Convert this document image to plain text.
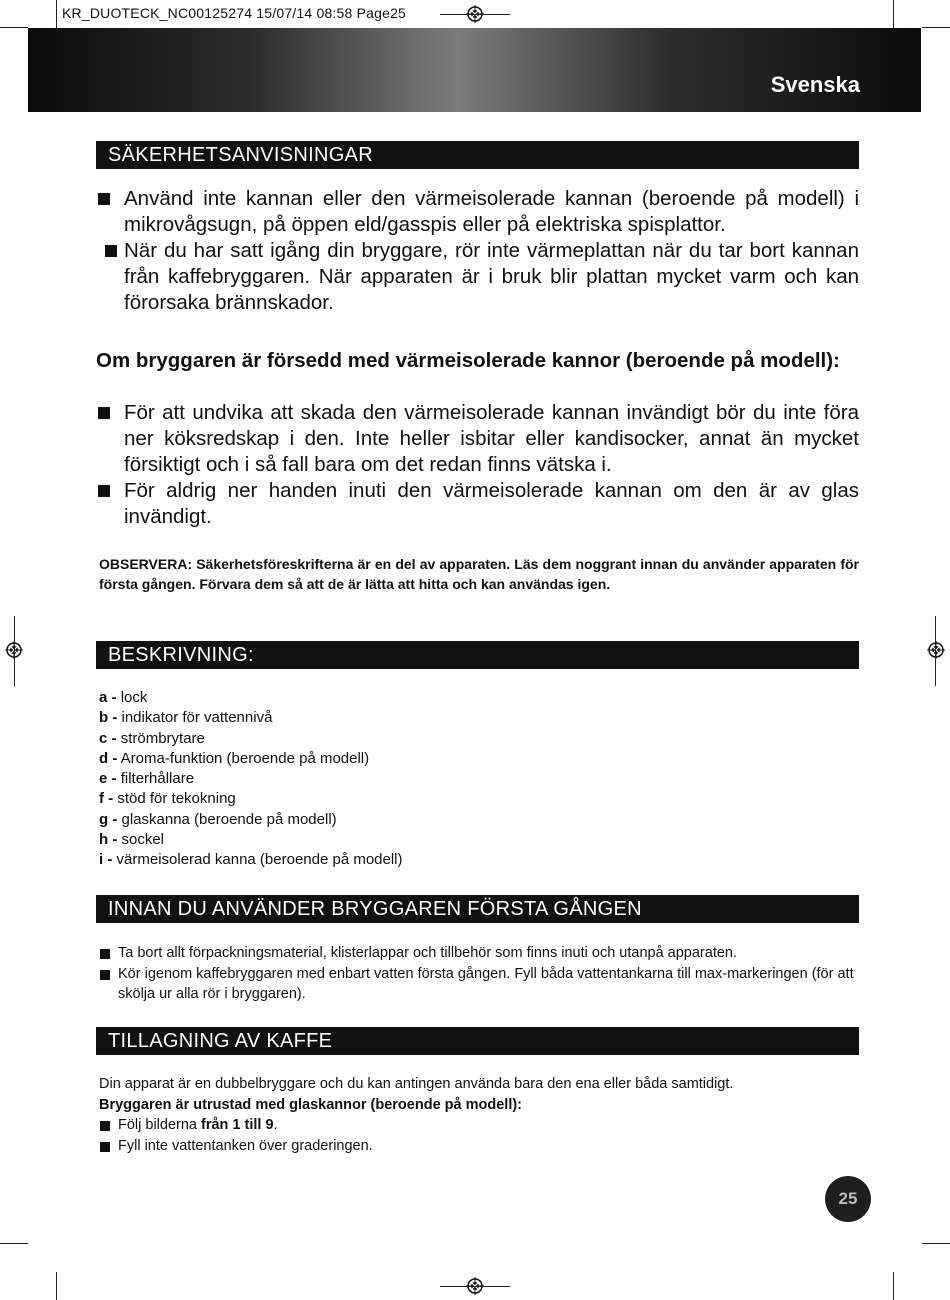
KR_DUOTECK_NC00125274 15/07/14 08:58 Page25
Svenska
SÄKERHETSANVISNINGAR

Använd inte kannan eller den värmeisolerade kannan (beroende på modell) i mikrovågsugn, på öppen eld/gasspis eller på elektriska spisplattor.

När du har satt igång din bryggare, rör inte värmeplattan när du tar bort kannan från kaffebryggaren. När apparaten är i bruk blir plattan mycket varm och kan förorsaka brännskador.

Om bryggaren är försedd med värmeisolerade kannor (beroende på modell):

För att undvika att skada den värmeisolerade kannan invändigt bör du inte föra ner köksredskap i den. Inte heller isbitar eller kandisocker, annat än mycket försiktigt och i så fall bara om det redan finns vätska i.

För aldrig ner handen inuti den värmeisolerade kannan om den är av glas invändigt.

OBSERVERA: Säkerhetsföreskrifterna är en del av apparaten. Läs dem noggrant innan du använder apparaten för första gången. Förvara dem så att de är lätta att hitta och kan användas igen.
BESKRIVNING:
a - lock
b - indikator för vattennivå
c - strömbrytare
d - Aroma-funktion (beroende på modell)
e - filterhållare
f - stöd för tekokning
g - glaskanna (beroende på modell)
h - sockel
i - värmeisolerad kanna (beroende på modell)
INNAN DU ANVÄNDER BRYGGAREN FÖRSTA GÅNGEN

Ta bort allt förpackningsmaterial, klisterlappar och tillbehör som finns inuti och utanpå apparaten.

Kör igenom kaffebryggaren med enbart vatten första gången. Fyll båda vattentankarna till max-markeringen (för att skölja ur alla rör i bryggaren).

TILLAGNING AV KAFFE
Din apparat är en dubbelbryggare och du kan antingen använda bara den ena eller båda samtidigt.
Bryggaren är utrustad med glaskannor (beroende på modell):

Följ bilderna från 1 till 9.

Fyll inte vattentanken över graderingen.

25
